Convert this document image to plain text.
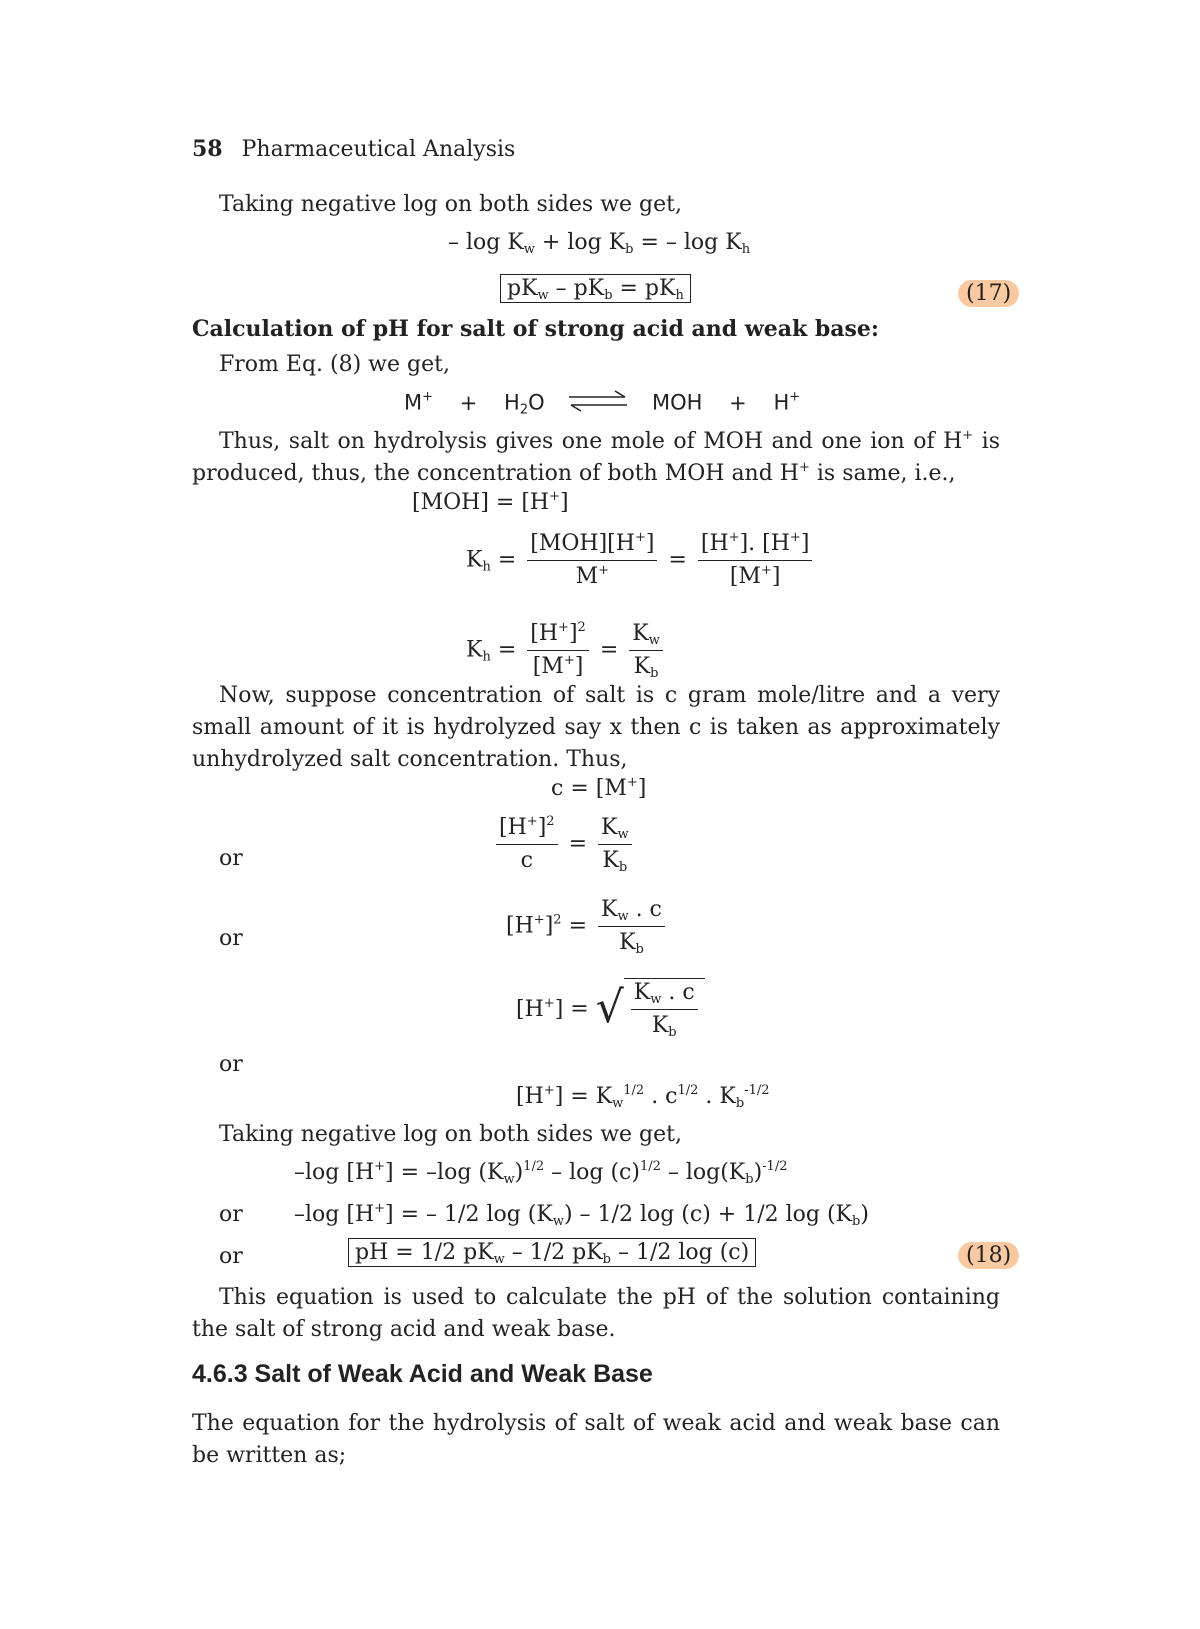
58 Pharmaceutical Analysis
Taking negative log on both sides we get,
– $\log K_w + \log K_b$ = – $\log K_h$
$pK_w - pK_b = pK_h$	(17)
Calculation of pH for salt of strong acid and weak base:
From Eq. (8) we get,
$M^+ + H_2O$ ⇌ MOH + H+
Thus, salt on hydrolysis gives one mole of MOH and one ion of H+ is produced, thus, the concentration of both MOH and H+ is same, i.e.,
[MOH] = [H+]
$K_h = \frac{[MOH][H^+]}{M^+} = \frac{[H^+]. [H^+]}{[M^+]}$
$K_h = \frac{[H^+]^2}{[M^+]} = \frac{K_w}{K_b}$
Now, suppose concentration of salt is c gram mole/litre and a very small amount of it is hydrolyzed say x then c is taken as approximately unhydrolyzed salt concentration. Thus,
c = [M+]
or	$\frac{[H^+]^2}{c} = \frac{K_w}{K_b}$
or	$[H^+]^2 = \frac{K_w . c}{K_b}$
[H+] = √ $\frac{K_w . c}{K_b}$
or
$[H^+] = K_w^{1/2}$ . $c^{1/2}$ . $K_b^{-1/2}$
Taking negative log on both sides we get,
–log [H+] = –log $(K_w)^{1/2}$ – $\log (c)^{1/2} - \log(K_b)^{-1/2}$
or –log [H+] = – 1/2 $\log (K_w) - 1/2$ log (c) + 1/2 $\log (K_b)$
or	pH = 1/2 $pK_w - 1/2$ $pK_b - 1/2$ log (c)	(18)
This equation is used to calculate the pH of the solution containing the salt of strong acid and weak base.
4.6.3 Salt of Weak Acid and Weak Base
The equation for the hydrolysis of salt of weak acid and weak base can be written as;
